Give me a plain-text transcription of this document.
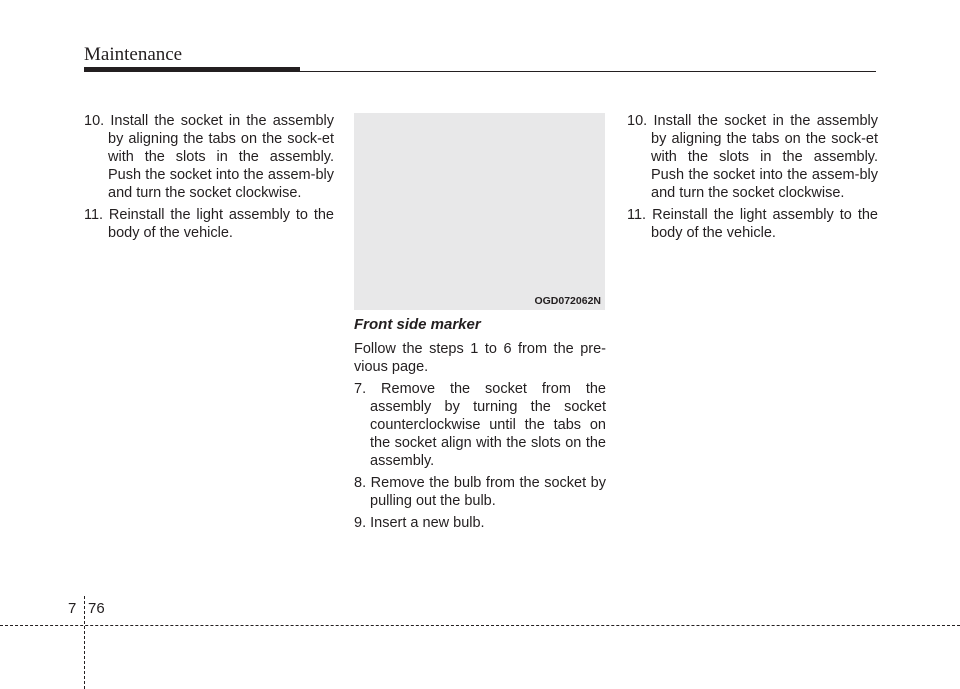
Maintenance

10. Install the socket in the assembly by aligning the tabs on the sock-et with the slots in the assembly. Push the socket into the assem-bly and turn the socket clockwise.

11. Reinstall the light assembly to the body of the vehicle.

OGD072062N

Front side marker

Follow the steps 1 to 6 from the pre-vious page.

7. Remove the socket from the assembly by turning the socket counterclockwise until the tabs on the socket align with the slots on the assembly.

8. Remove the bulb from the socket by pulling out the bulb.

9. Insert a new bulb.

10. Install the socket in the assembly by aligning the tabs on the sock-et with the slots in the assembly. Push the socket into the assem-bly and turn the socket clockwise.

11. Reinstall the light assembly to the body of the vehicle.

7 76
